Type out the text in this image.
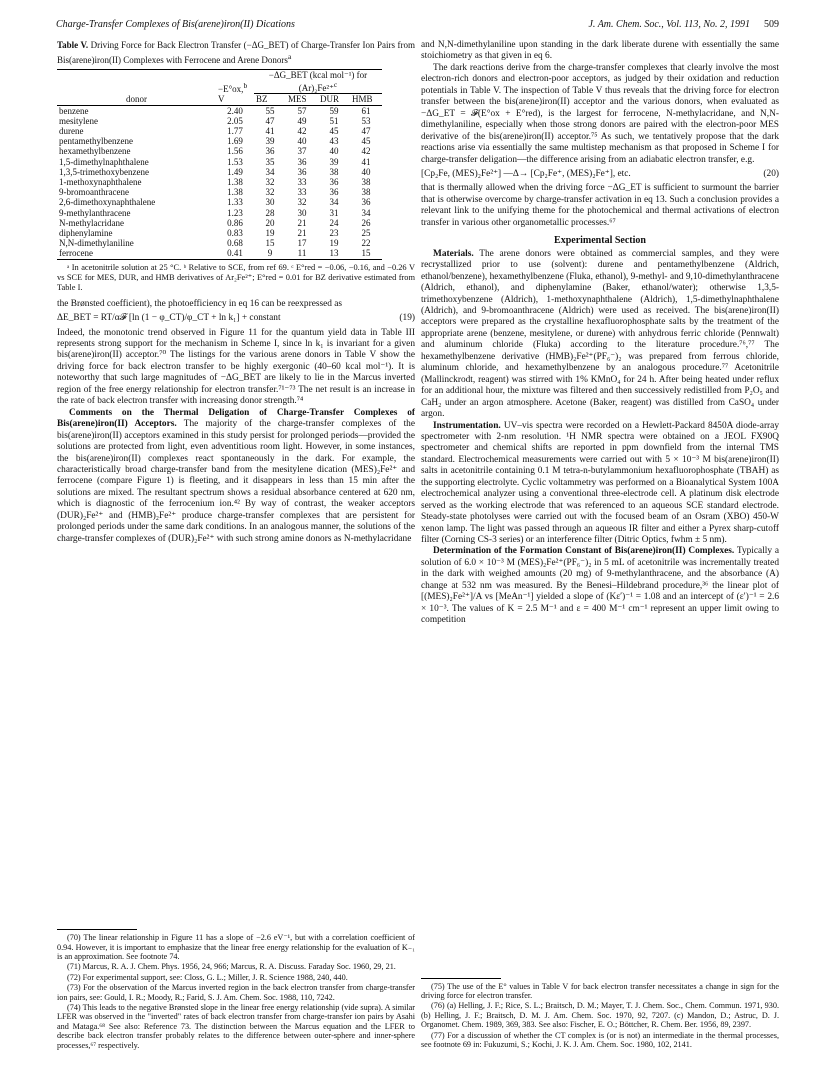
Charge-Transfer Complexes of Bis(arene)iron(II) Dications	J. Am. Chem. Soc., Vol. 113, No. 2, 1991 509

Table V. Driving Force for Back Electron Transfer (−ΔG_BET) of Charge-Transfer Ion Pairs from Bis(arene)iron(II) Complexes with Ferrocene and Arene Donors$^a$

donor	−E°ox,$^b$
V	−ΔG_BET (kcal mol⁻¹) for (Ar)₂Fe²⁺$^c$
		BZ	MES	DUR	HMB
benzene	2.40	55	57	59	61
mesitylene	2.05	47	49	51	53
durene	1.77	41	42	45	47
pentamethylbenzene	1.69	39	40	43	45
hexamethylbenzene	1.56	36	37	40	42
1,5-dimethylnaphthalene	1.53	35	36	39	41
1,3,5-trimethoxybenzene	1.49	34	36	38	40
1-methoxynaphthalene	1.38	32	33	36	38
9-bromoanthracene	1.38	32	33	36	38
2,6-dimethoxynaphthalene	1.33	30	32	34	36
9-methylanthracene	1.23	28	30	31	34
N-methylacridane	0.86	20	21	24	26
diphenylamine	0.83	19	21	23	25
N,N-dimethylaniline	0.68	15	17	19	22
ferrocene	0.41	9	11	13	15

ᵃ In acetonitrile solution at 25 °C. ᵇ Relative to SCE, from ref 69. ᶜ E°red = −0.06, −0.16, and −0.26 V vs SCE for MES, DUR, and HMB derivatives of Ar₂Fe²⁺; E°red = 0.01 for BZ derivative estimated from Table I.

the Brønsted coefficient), the photoefficiency in eq 16 can be reexpressed as

ΔE_BET = RT/α𝓕 [ln (1 − φ_CT)/φ_CT + ln k₁] + constant	(19)

Indeed, the monotonic trend observed in Figure 11 for the quantum yield data in Table III represents strong support for the mechanism in Scheme I, since ln k₁ is invariant for a given bis(arene)iron(II) acceptor.⁷⁰ The listings for the various arene donors in Table V show the driving force for back electron transfer to be highly exergonic (40–60 kcal mol⁻¹). It is noteworthy that such large magnitudes of −ΔG_BET are likely to lie in the Marcus inverted region of the free energy relationship for electron transfer.⁷¹⁻⁷³ The net result is an increase in the rate of back electron transfer with increasing donor strength.⁷⁴

Comments on the Thermal Deligation of Charge-Transfer Complexes of Bis(arene)iron(II) Acceptors. The majority of the charge-transfer complexes of the bis(arene)iron(II) acceptors examined in this study persist for prolonged periods—provided the solutions are protected from light, even adventitious room light. However, in some instances, the bis(arene)iron(II) complexes react spontaneously in the dark. For example, the characteristically broad charge-transfer band from the mesitylene dication (MES)₂Fe²⁺ and ferrocene (compare Figure 1) is fleeting, and it disappears in less than 15 min after the solutions are mixed. The resultant spectrum shows a residual absorbance centered at 620 nm, which is diagnostic of the ferrocenium ion.⁴² By way of contrast, the weaker acceptors (DUR)₂Fe²⁺ and (HMB)₂Fe²⁺ produce charge-transfer complexes that are persistent for prolonged periods under the same dark conditions. In an analogous manner, the solutions of the charge-transfer complexes of (DUR)₂Fe²⁺ with such strong amine donors as N-methylacridane

(70) The linear relationship in Figure 11 has a slope of −2.6 eV⁻¹, but with a correlation coefficient of 0.94. However, it is important to emphasize that the linear free energy relationship for the evaluation of K₋₁ is an approximation. See footnote 74.

(71) Marcus, R. A. J. Chem. Phys. 1956, 24, 966; Marcus, R. A. Discuss. Faraday Soc. 1960, 29, 21.

(72) For experimental support, see: Closs, G. L.; Miller, J. R. Science 1988, 240, 440.

(73) For the observation of the Marcus inverted region in the back electron transfer from charge-transfer ion pairs, see: Gould, I. R.; Moody, R.; Farid, S. J. Am. Chem. Soc. 1988, 110, 7242.

(74) This leads to the negative Brønsted slope in the linear free energy relationship (vide supra). A similar LFER was observed in the "inverted" rates of back electron transfer from charge-transfer ion pairs by Asahi and Mataga.⁶⁸ See also: Reference 73. The distinction between the Marcus equation and the LFER to describe back electron transfer probably relates to the difference between outer-sphere and inner-sphere processes,⁶⁷ respectively.

and N,N-dimethylaniline upon standing in the dark liberate durene with essentially the same stoichiometry as that given in eq 6.

The dark reactions derive from the charge-transfer complexes that clearly involve the most electron-rich donors and electron-poor acceptors, as judged by their oxidation and reduction potentials in Table V. The inspection of Table V thus reveals that the driving force for electron transfer between the bis(arene)iron(II) acceptor and the various donors, when evaluated as −ΔG_ET = 𝓕(E°ox + E°red), is the largest for ferrocene, N-methylacridane, and N,N-dimethylaniline, especially when those strong donors are paired with the electron-poor MES derivative of the bis(arene)iron(II) acceptor.⁷⁵ As such, we tentatively propose that the dark reactions arise via essentially the same multistep mechanism as that proposed in Scheme I for charge-transfer deligation—the difference arising from an adiabatic electron transfer, e.g.

[Cp₂Fe, (MES)₂Fe²⁺] —Δ→ [Cp₂Fe⁺, (MES)₂Fe⁺], etc.	(20)

that is thermally allowed when the driving force −ΔG_ET is sufficient to surmount the barrier that is otherwise overcome by charge-transfer activation in eq 13. Such a conclusion provides a relevant link to the unifying theme for the photochemical and thermal activations of electron transfer in various other organometallic processes.⁶⁷

Experimental Section

Materials. The arene donors were obtained as commercial samples, and they were recrystallized prior to use (solvent): durene and pentamethylbenzene (Aldrich, ethanol/benzene), hexamethylbenzene (Fluka, ethanol), 9-methyl- and 9,10-dimethylanthracene (Aldrich, ethanol), and diphenylamine (Baker, ethanol/water); otherwise 1,3,5-trimethoxybenzene (Aldrich), 1-methoxynaphthalene (Aldrich), 1,5-dimethylnaphthalene (Aldrich), and 9-bromoanthracene (Aldrich) were used as received. The bis(arene)iron(II) acceptors were prepared as the crystalline hexafluorophosphate salts by the treatment of the appropriate arene (benzene, mesitylene, or durene) with anhydrous ferric chloride (Pennwalt) and aluminum chloride (Fluka) according to the literature procedure.⁷⁶,⁷⁷ The hexamethylbenzene derivative (HMB)₂Fe²⁺(PF₆⁻)₂ was prepared from ferrous chloride, aluminum chloride, and hexamethylbenzene by an analogous procedure.⁷⁷ Acetonitrile (Mallinckrodt, reagent) was stirred with 1% KMnO₄ for 24 h. After being heated under reflux for an additional hour, the mixture was filtered and then successively redistilled from P₂O₅ and CaH₂ under an argon atmosphere. Acetone (Baker, reagent) was distilled from CaSO₄ under argon.

Instrumentation. UV–vis spectra were recorded on a Hewlett-Packard 8450A diode-array spectrometer with 2-nm resolution. ¹H NMR spectra were obtained on a JEOL FX90Q spectrometer and chemical shifts are reported in ppm downfield from the internal TMS standard. Electrochemical measurements were carried out with 5 × 10⁻³ M bis(arene)iron(II) salts in acetonitrile containing 0.1 M tetra-n-butylammonium hexafluorophosphate (TBAH) as the supporting electrolyte. Cyclic voltammetry was performed on a Bioanalytical System 100A electrochemical analyzer using a conventional three-electrode cell. A platinum disk electrode served as the working electrode that was referenced to an aqueous SCE standard electrode. Steady-state photolyses were carried out with the focused beam of an Osram (XBO) 450-W xenon lamp. The light was passed through an aqueous IR filter and either a Pyrex sharp-cutoff filter (Corning CS-3 series) or an interference filter (Ditric Optics, fwhm ± 5 nm).

Determination of the Formation Constant of Bis(arene)iron(II) Complexes. Typically a solution of 6.0 × 10⁻³ M (MES)₂Fe²⁺(PF₆⁻)₂ in 5 mL of acetonitrile was incrementally treated in the dark with weighed amounts (20 mg) of 9-methylanthracene, and the absorbance (A) change at 532 nm was measured. By the Benesi–Hildebrand procedure,³⁶ the linear plot of [(MES)₂Fe²⁺]/A vs [MeAn⁻¹] yielded a slope of (Kε′)⁻¹ = 1.08 and an intercept of (ε′)⁻¹ = 2.6 × 10⁻³. The values of K = 2.5 M⁻¹ and ε = 400 M⁻¹ cm⁻¹ represent an upper limit owing to competition

(75) The use of the E° values in Table V for back electron transfer necessitates a change in sign for the driving force for electron transfer.

(76) (a) Helling, J. F.; Rice, S. L.; Braitsch, D. M.; Mayer, T. J. Chem. Soc., Chem. Commun. 1971, 930. (b) Helling, J. F.; Braitsch, D. M. J. Am. Chem. Soc. 1970, 92, 7207. (c) Mandon, D.; Astruc, D. J. Organomet. Chem. 1989, 369, 383. See also: Fischer, E. O.; Böttcher, R. Chem. Ber. 1956, 89, 2397.

(77) For a discussion of whether the CT complex is (or is not) an intermediate in the thermal processes, see footnote 69 in: Fukuzumi, S.; Kochi, J. K. J. Am. Chem. Soc. 1980, 102, 2141.
